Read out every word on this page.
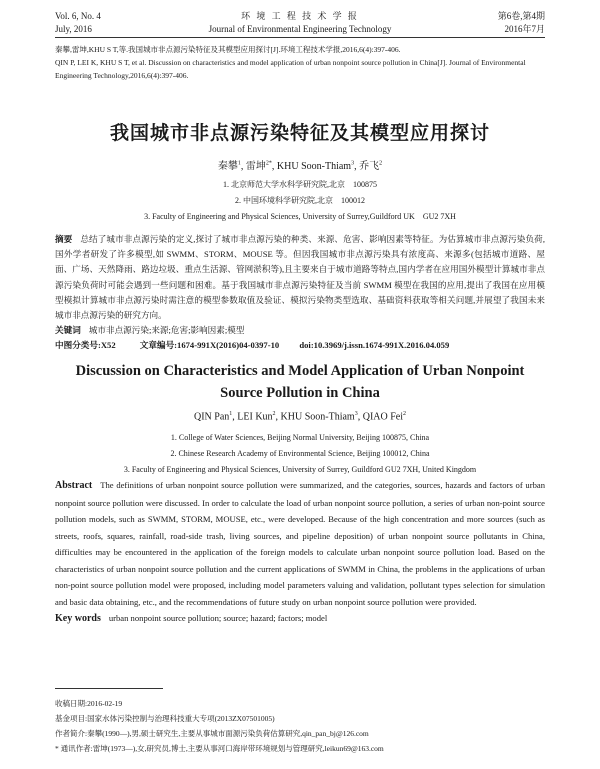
Vol. 6, No. 4
July, 2016
环 境 工 程 技 术 学 报
Journal of Environmental Engineering Technology
第6卷,第4期
2016年7月
秦攀,雷坤,KHU S T,等.我国城市非点源污染特征及其模型应用探讨[J].环境工程技术学报,2016,6(4):397-406.
QIN P, LEI K, KHU S T, et al. Discussion on characteristics and model application of urban nonpoint source pollution in China[J]. Journal of Environmental Engineering Technology,2016,6(4):397-406.
我国城市非点源污染特征及其模型应用探讨
秦攀$^1$, 雷坤$^{2*}$, KHU Soon-Thiam$^3$, 乔飞$^2$
1. 北京师范大学水科学研究院,北京　100875
2. 中国环境科学研究院,北京　100012
3. Faculty of Engineering and Physical Sciences, University of Surrey,Guildford UK　GU2 7XH
摘要 总结了城市非点源污染的定义,探讨了城市非点源污染的种类、来源、危害、影响因素等特征。为估算城市非点源污染负荷,国外学者研发了许多模型,如 SWMM、STORM、MOUSE 等。但因我国城市非点源污染具有浓度高、来源多(包括城市道路、屋面、广场、天然降雨、路边垃圾、重点生活源、管网淤积等),且主要来自于城市道路等特点,国内学者在应用国外模型计算城市非点源污染负荷时可能会遇到一些问题和困难。基于我国城市非点源污染特征及当前 SWMM 模型在我国的应用,提出了我国在应用模型模拟计算城市非点源污染时需注意的模型参数取值及验证、模拟污染物类型选取、基础资料获取等相关问题,并展望了我国未来城市非点源污染的研究方向。
关键词 城市非点源污染;来源;危害;影响因素;模型
中图分类号:X52	文章编号:1674-991X(2016)04-0397-10 doi:10.3969/j.issn.1674-991X.2016.04.059
Discussion on Characteristics and Model Application of Urban Nonpoint
Source Pollution in China
QIN Pan$^1$, LEI Kun$^2$, KHU Soon-Thiam$^3$, QIAO Fei$^2$
1. College of Water Sciences, Beijing Normal University, Beijing 100875, China
2. Chinese Research Academy of Environmental Science, Beijing 100012, China
3. Faculty of Engineering and Physical Sciences, University of Surrey, Guildford GU2 7XH, United Kingdom
Abstract The definitions of urban nonpoint source pollution were summarized, and the categories, sources, hazards and factors of urban nonpoint source pollution were discussed. In order to calculate the load of urban nonpoint source pollution, a series of urban non-point source pollution models, such as SWMM, STORM, MOUSE, etc., were developed. Because of the high concentration and more sources (such as streets, roofs, squares, rainfall, road-side trash, living sources, and pipeline deposition) of urban nonpoint source pollutants in China, difficulties may be encountered in the application of the foreign models to calculate urban nonpoint source pollution load. Based on the characteristics of urban nonpoint source pollution and the current applications of SWMM in China, the problems in the applications of urban non-point source pollution model were proposed, including model parameters valuing and validation, pollutant types selection for simulation and basic data obtaining, etc., and the recommendations of future study on urban nonpoint source pollution were provided.
Key words urban nonpoint source pollution; source; hazard; factors; model
收稿日期:2016-02-19
基金项目:国家水体污染控制与治理科技重大专项(2013ZX07501005)
作者简介:秦攀(1990—),男,硕士研究生,主要从事城市面源污染负荷估算研究,qin_pan_bj@126.com
* 通讯作者:雷坤(1973—),女,研究员,博士,主要从事河口海岸带环境规划与管理研究,leikun69@163.com
